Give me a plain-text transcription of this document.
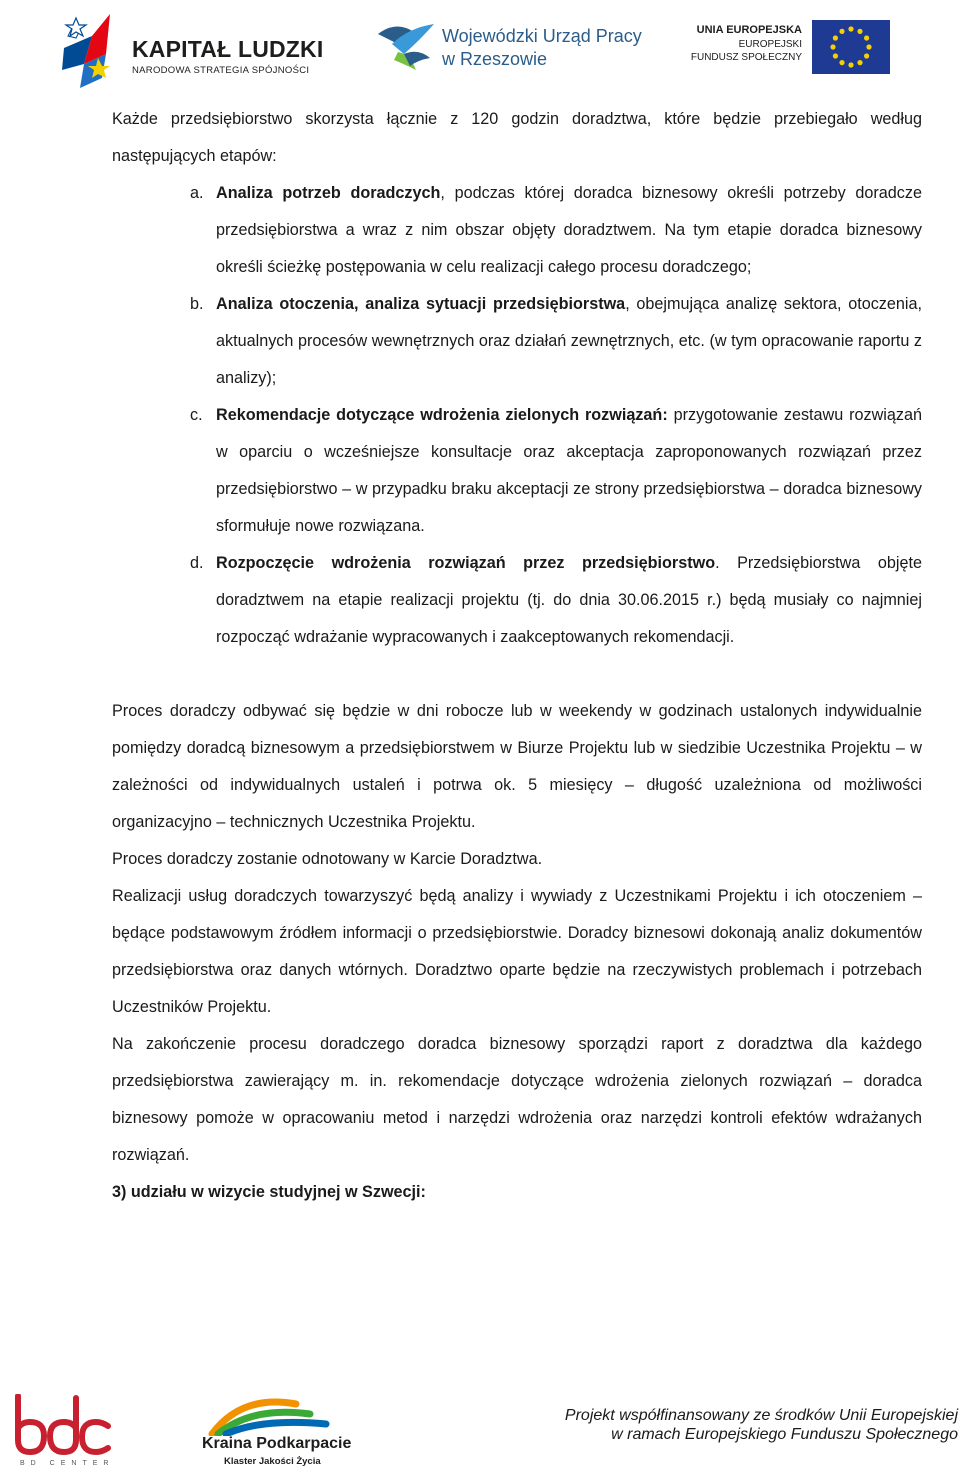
KAPITAŁ LUDZKI
NARODOWA STRATEGIA SPÓJNOŚCI
Wojewódzki Urząd Pracy
w Rzeszowie
UNIA EUROPEJSKA
EUROPEJSKI
FUNDUSZ SPOŁECZNY

Każde przedsiębiorstwo skorzysta łącznie z 120 godzin doradztwa, które będzie przebiegało według następujących etapów:

a. Analiza potrzeb doradczych, podczas której doradca biznesowy określi potrzeby doradcze przedsiębiorstwa a wraz z nim obszar objęty doradztwem. Na tym etapie doradca biznesowy określi ścieżkę postępowania w celu realizacji całego procesu doradczego;
b. Analiza otoczenia, analiza sytuacji przedsiębiorstwa, obejmująca analizę sektora, otoczenia, aktualnych procesów wewnętrznych oraz działań zewnętrznych, etc. (w tym opracowanie raportu z analizy);
c. Rekomendacje dotyczące wdrożenia zielonych rozwiązań: przygotowanie zestawu rozwiązań w oparciu o wcześniejsze konsultacje oraz akceptacja zaproponowanych rozwiązań przez przedsiębiorstwo – w przypadku braku akceptacji ze strony przedsiębiorstwa – doradca biznesowy sformułuje nowe rozwiązana.
d. Rozpoczęcie wdrożenia rozwiązań przez przedsiębiorstwo. Przedsiębiorstwa objęte doradztwem na etapie realizacji projektu (tj. do dnia 30.06.2015 r.) będą musiały co najmniej rozpocząć wdrażanie wypracowanych i zaakceptowanych rekomendacji.

Proces doradczy odbywać się będzie w dni robocze lub w weekendy w godzinach ustalonych indywidualnie pomiędzy doradcą biznesowym a przedsiębiorstwem w Biurze Projektu lub w siedzibie Uczestnika Projektu – w zależności od indywidualnych ustaleń i potrwa ok. 5 miesięcy – długość uzależniona od możliwości organizacyjno – technicznych Uczestnika Projektu.

Proces doradczy zostanie odnotowany w Karcie Doradztwa.

Realizacji usług doradczych towarzyszyć będą analizy i wywiady z Uczestnikami Projektu i ich otoczeniem – będące podstawowym źródłem informacji o przedsiębiorstwie. Doradcy biznesowi dokonają analiz dokumentów przedsiębiorstwa oraz danych wtórnych. Doradztwo oparte będzie na rzeczywistych problemach i potrzebach Uczestników Projektu.

Na zakończenie procesu doradczego doradca biznesowy sporządzi raport z doradztwa dla każdego przedsiębiorstwa zawierający m. in. rekomendacje dotyczące wdrożenia zielonych rozwiązań – doradca biznesowy pomoże w opracowaniu metod i narzędzi wdrożenia oraz narzędzi kontroli efektów wdrażanych rozwiązań.

3) udziału w wizycie studyjnej w Szwecji:

BD CENTER
Kraina Podkarpacie
Klaster Jakości Życia
Projekt współfinansowany ze środków Unii Europejskiej
w ramach Europejskiego Funduszu Społecznego
